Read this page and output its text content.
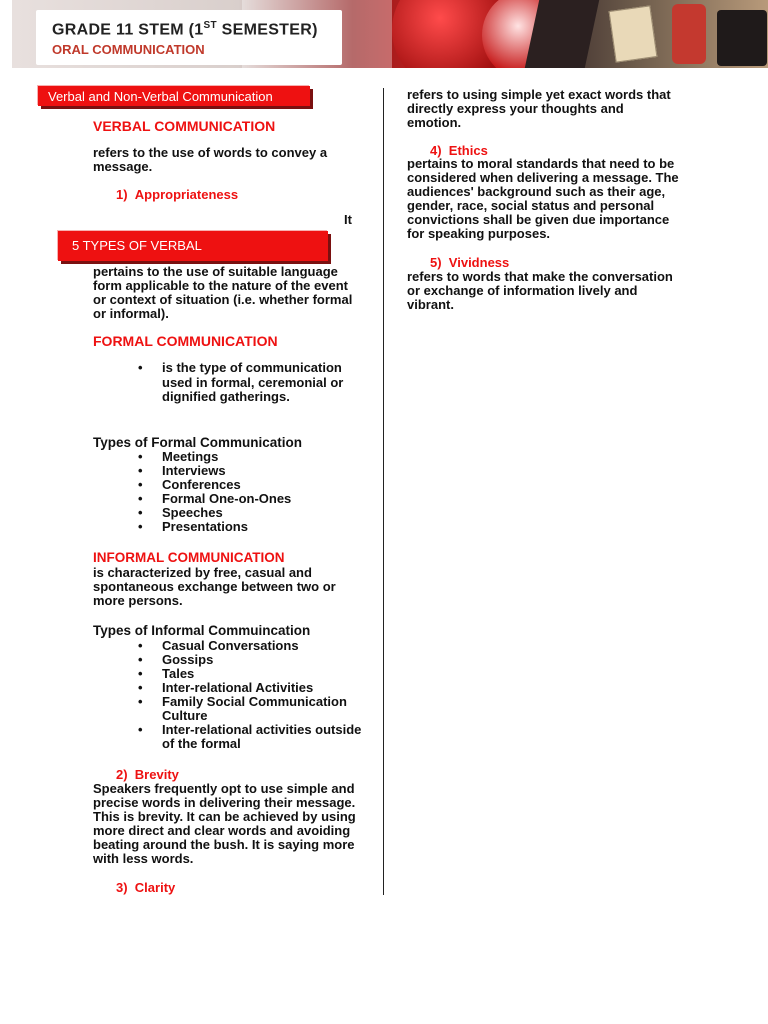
GRADE 11 STEM (1ST SEMESTER)
ORAL COMMUNICATION
Verbal and Non-Verbal Communication
VERBAL COMMUNICATION
refers to the use of words to convey a message.
1) Appropriateness
It
5 TYPES OF VERBAL
pertains to the use of suitable language form applicable to the nature of the event or context of situation (i.e. whether formal or informal).
FORMAL COMMUNICATION
• is the type of communication used in formal, ceremonial or dignified gatherings.
Types of Formal Communication
• Meetings
• Interviews
• Conferences
• Formal One-on-Ones
• Speeches
• Presentations
INFORMAL COMMUNICATION
is characterized by free, casual and spontaneous exchange between two or more persons.
Types of Informal Commuincation
• Casual Conversations
• Gossips
• Tales
• Inter-relational Activities
• Family Social Communication Culture
• Inter-relational activities outside of the formal
2) Brevity
Speakers frequently opt to use simple and precise words in delivering their message. This is brevity. It can be achieved by using more direct and clear words and avoiding beating around the bush. It is saying more with less words.
3) Clarity
refers to using simple yet exact words that directly express your thoughts and emotion.
4) Ethics
pertains to moral standards that need to be considered when delivering a message. The audiences' background such as their age, gender, race, social status and personal convictions shall be given due importance for speaking purposes.
5) Vividness
refers to words that make the conversation or exchange of information lively and vibrant.
